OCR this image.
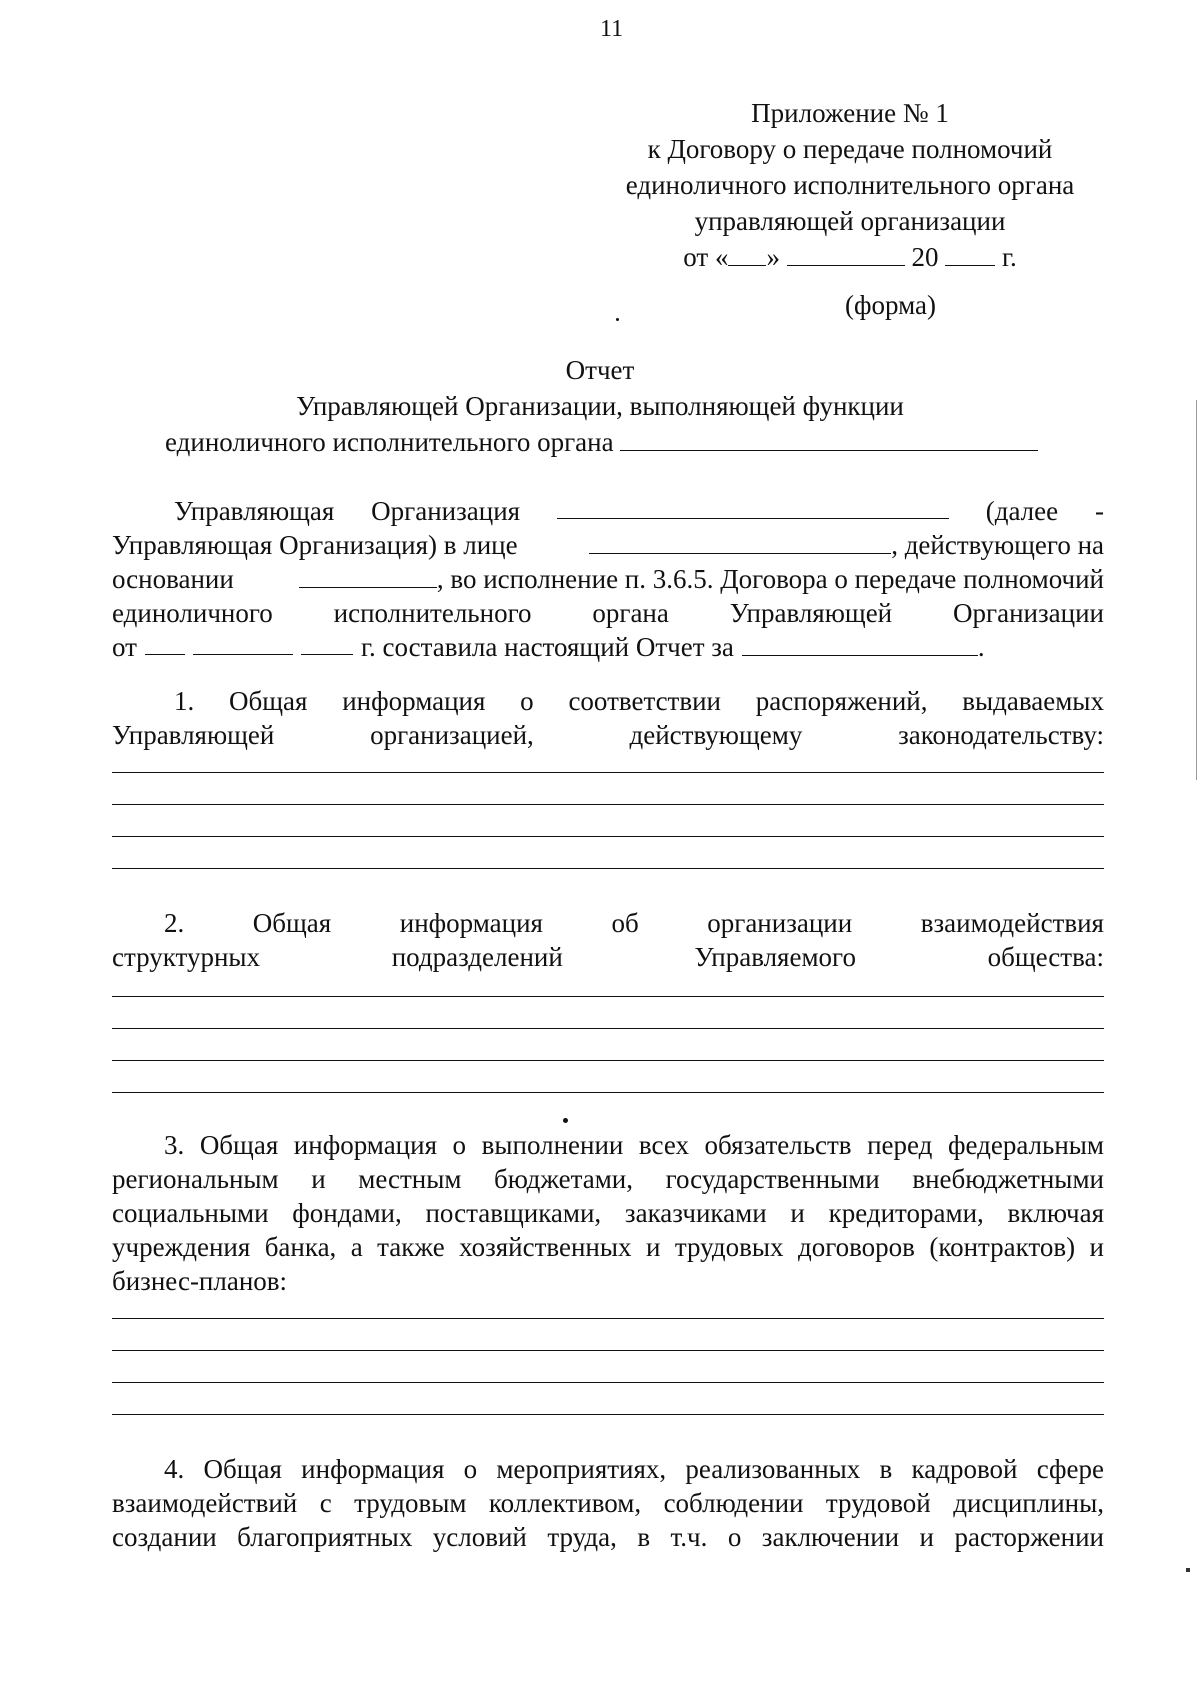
11
Приложение № 1
к Договору о передаче полномочий
единоличного исполнительного органа
управляющей организации
от « »	20 г.
(форма)
Отчет
Управляющей Организации, выполняющей функции
единоличного исполнительного органа
Управляющая Организация	(далее -
Управляющая Организация) в лице	, действующего на
основании	, во исполнение п. 3.6.5. Договора о передаче полномочий
единоличного исполнительного органа Управляющей Организации
от	г. составила настоящий Отчет за	.
1. Общая информация о соответствии распоряжений, выдаваемых
Управляющей	организацией,	действующему	законодательству:
2.	Общая	информация	об	организации	взаимодействия
структурных	подразделений	Управляемого	общества:
3. Общая информация о выполнении всех обязательств перед федеральным
региональным и местным бюджетами, государственными внебюджетными
социальными фондами, поставщиками, заказчиками и кредиторами, включая
учреждения банка, а также хозяйственных и трудовых договоров (контрактов) и
бизнес-планов:
4. Общая информация о мероприятиях, реализованных в кадровой сфере
взаимодействий с трудовым коллективом, соблюдении трудовой дисциплины,
создании благоприятных условий труда, в т.ч. о заключении и расторжении
